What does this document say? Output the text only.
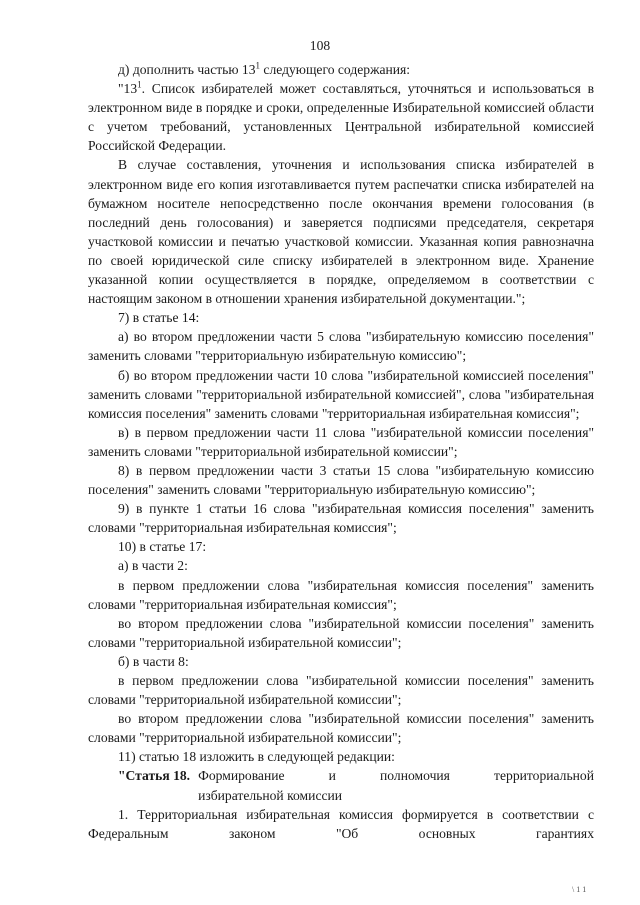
108

д) дополнить частью $13^1$ следующего содержания:

"$13^1$. Список избирателей может составляться, уточняться и использоваться в электронном виде в порядке и сроки, определенные Избирательной комиссией области с учетом требований, установленных Центральной избирательной комиссией Российской Федерации.

В случае составления, уточнения и использования списка избирателей в электронном виде его копия изготавливается путем распечатки списка избирателей на бумажном носителе непосредственно после окончания времени голосования (в последний день голосования) и заверяется подписями председателя, секретаря участковой комиссии и печатью участковой комиссии. Указанная копия равнозначна по своей юридической силе списку избирателей в электронном виде. Хранение указанной копии осуществляется в порядке, определяемом в соответствии с настоящим законом в отношении хранения избирательной документации.";

7) в статье 14:

а) во втором предложении части 5 слова "избирательную комиссию поселения" заменить словами "территориальную избирательную комиссию";

б) во втором предложении части 10 слова "избирательной комиссией поселения" заменить словами "территориальной избирательной комиссией", слова "избирательная комиссия поселения" заменить словами "территориальная избирательная комиссия";

в) в первом предложении части 11 слова "избирательной комиссии поселения" заменить словами "территориальной избирательной комиссии";

8) в первом предложении части 3 статьи 15 слова "избирательную комиссию поселения" заменить словами "территориальную избирательную комиссию";

9) в пункте 1 статьи 16 слова "избирательная комиссия поселения" заменить словами "территориальная избирательная комиссия";

10) в статье 17:

а) в части 2:

в первом предложении слова "избирательная комиссия поселения" заменить словами "территориальная избирательная комиссия";

во втором предложении слова "избирательной комиссии поселения" заменить словами "территориальной избирательной комиссии";

б) в части 8:

в первом предложении слова "избирательной комиссии поселения" заменить словами "территориальной избирательной комиссии";

во втором предложении слова "избирательной комиссии поселения" заменить словами "территориальной избирательной комиссии";

11) статью 18 изложить в следующей редакции:

"Статья 18. Формирование и полномочия территориальной
избирательной комиссии

1. Территориальная избирательная комиссия формируется в соответствии с Федеральным законом "Об основных гарантиях

\ 1 1
